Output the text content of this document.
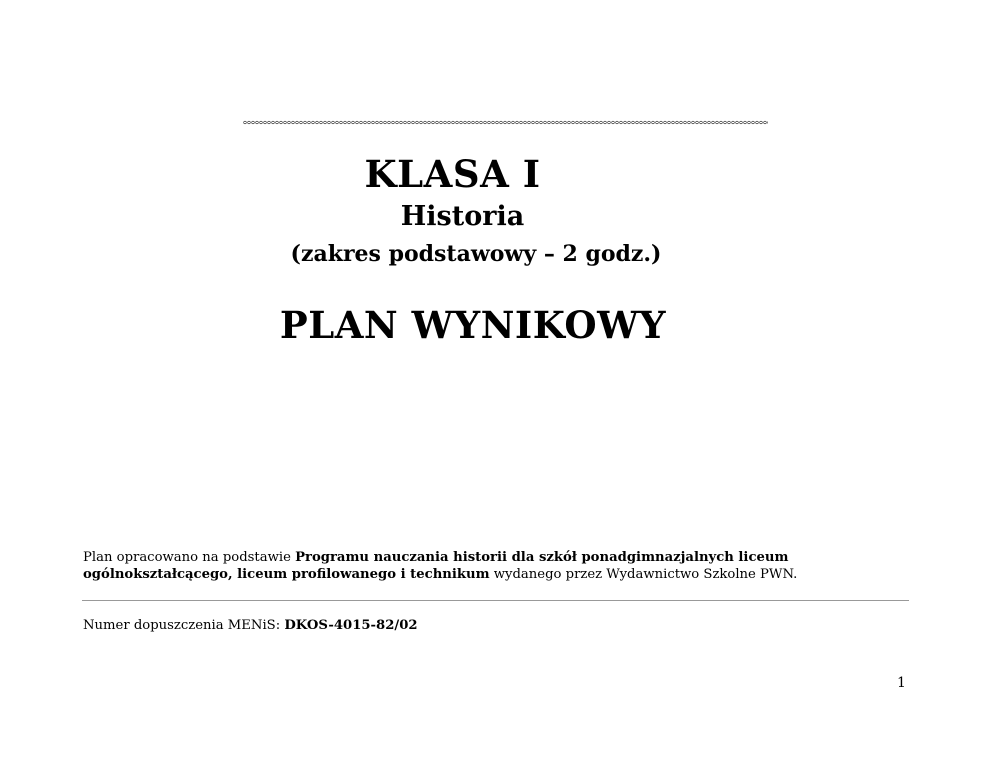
KLASA I
Historia
(zakres podstawowy – 2 godz.)
PLAN WYNIKOWY
Plan opracowano na podstawie Programu nauczania historii dla szkół ponadgimnazjalnych liceum ogólnokształcącego, liceum profilowanego i technikum wydanego przez Wydawnictwo Szkolne PWN.
Numer dopuszczenia MENiS: DKOS-4015-82/02
1
